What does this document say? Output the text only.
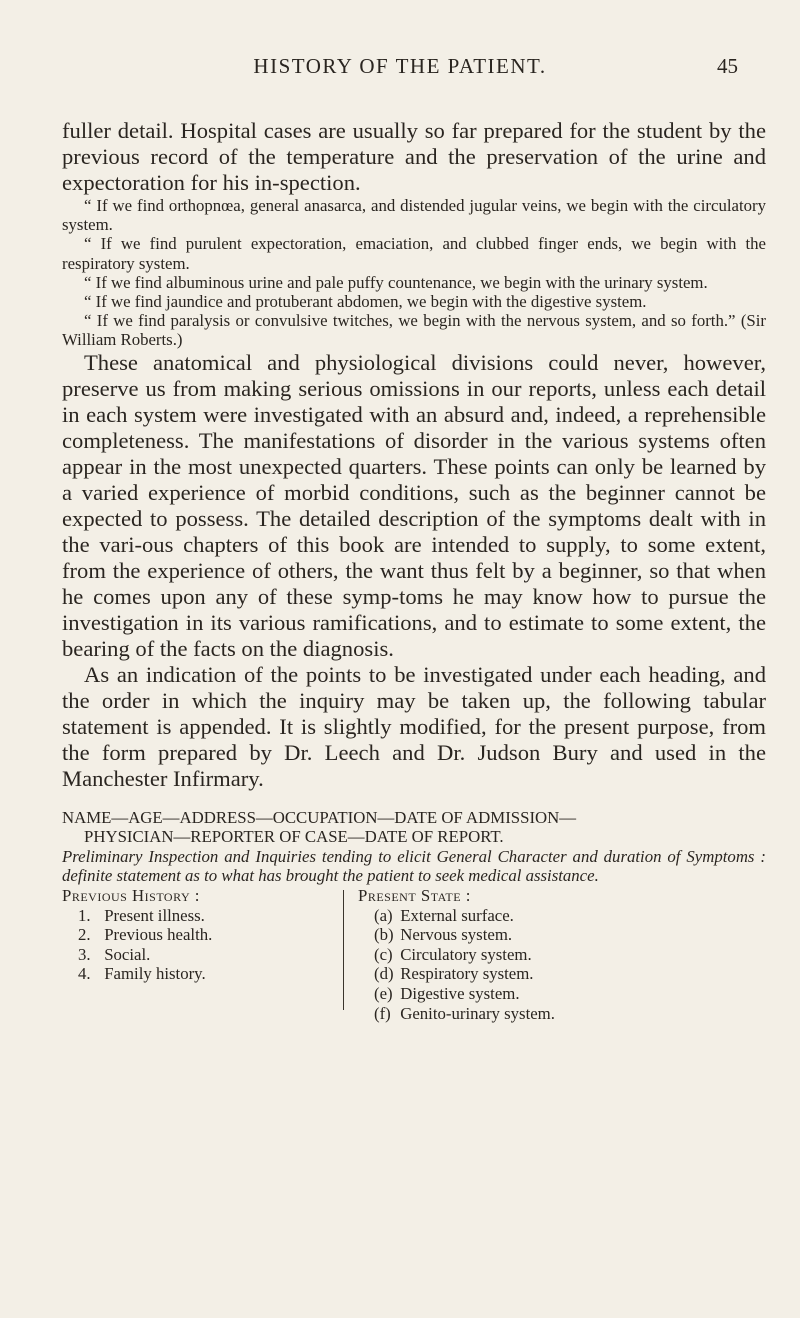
HISTORY OF THE PATIENT.	45

fuller detail. Hospital cases are usually so far prepared for the student by the previous record of the temperature and the preservation of the urine and expectoration for his in-spection.

“ If we find orthopnœa, general anasarca, and distended jugular veins, we begin with the circulatory system.

“ If we find purulent expectoration, emaciation, and clubbed finger ends, we begin with the respiratory system.

“ If we find albuminous urine and pale puffy countenance, we begin with the urinary system.

“ If we find jaundice and protuberant abdomen, we begin with the digestive system.

“ If we find paralysis or convulsive twitches, we begin with the nervous system, and so forth.” (Sir William Roberts.)

These anatomical and physiological divisions could never, however, preserve us from making serious omissions in our reports, unless each detail in each system were investigated with an absurd and, indeed, a reprehensible completeness. The manifestations of disorder in the various systems often appear in the most unexpected quarters. These points can only be learned by a varied experience of morbid conditions, such as the beginner cannot be expected to possess. The detailed description of the symptoms dealt with in the vari-ous chapters of this book are intended to supply, to some extent, from the experience of others, the want thus felt by a beginner, so that when he comes upon any of these symp-toms he may know how to pursue the investigation in its various ramifications, and to estimate to some extent, the bearing of the facts on the diagnosis.

As an indication of the points to be investigated under each heading, and the order in which the inquiry may be taken up, the following tabular statement is appended. It is slightly modified, for the present purpose, from the form prepared by Dr. Leech and Dr. Judson Bury and used in the Manchester Infirmary.

NAME—AGE—ADDRESS—OCCUPATION—DATE OF ADMISSION—
PHYSICIAN—REPORTER OF CASE—DATE OF REPORT.
Preliminary Inspection and Inquiries tending to elicit General Character and duration of Symptoms : definite statement as to what has brought the patient to seek medical assistance.
Previous History :
1. Present illness.
2. Previous health.
3. Social.
4. Family history.
Present State :
(a) External surface.
(b) Nervous system.
(c) Circulatory system.
(d) Respiratory system.
(e) Digestive system.
(f) Genito-urinary system.
